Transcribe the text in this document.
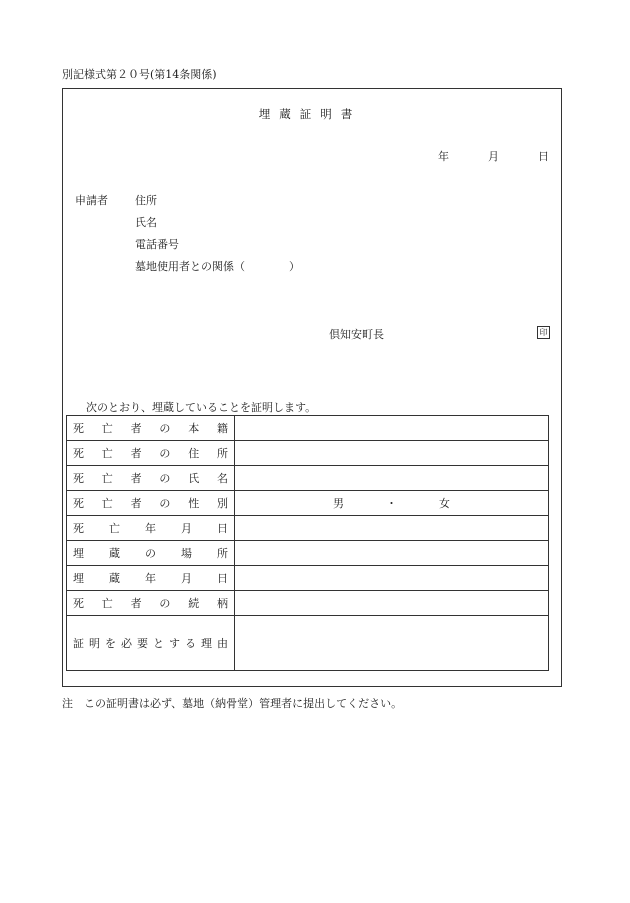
別記様式第２０号(第14条関係)
埋蔵証明書
年	月	日
申請者 住所
氏名
電話番号
墓地使用者との関係（　　　　）
倶知安町長	印
次のとおり、埋蔵していることを証明します。
死亡者の本籍	

死亡者の住所	

死亡者の氏名	

死亡者の性別	男 ・ 女

死亡年月日	

埋蔵の場所	

埋蔵年月日	

死亡者の続柄	

証明を必要とする理由	

注　この証明書は必ず、墓地（納骨堂）管理者に提出してください。
